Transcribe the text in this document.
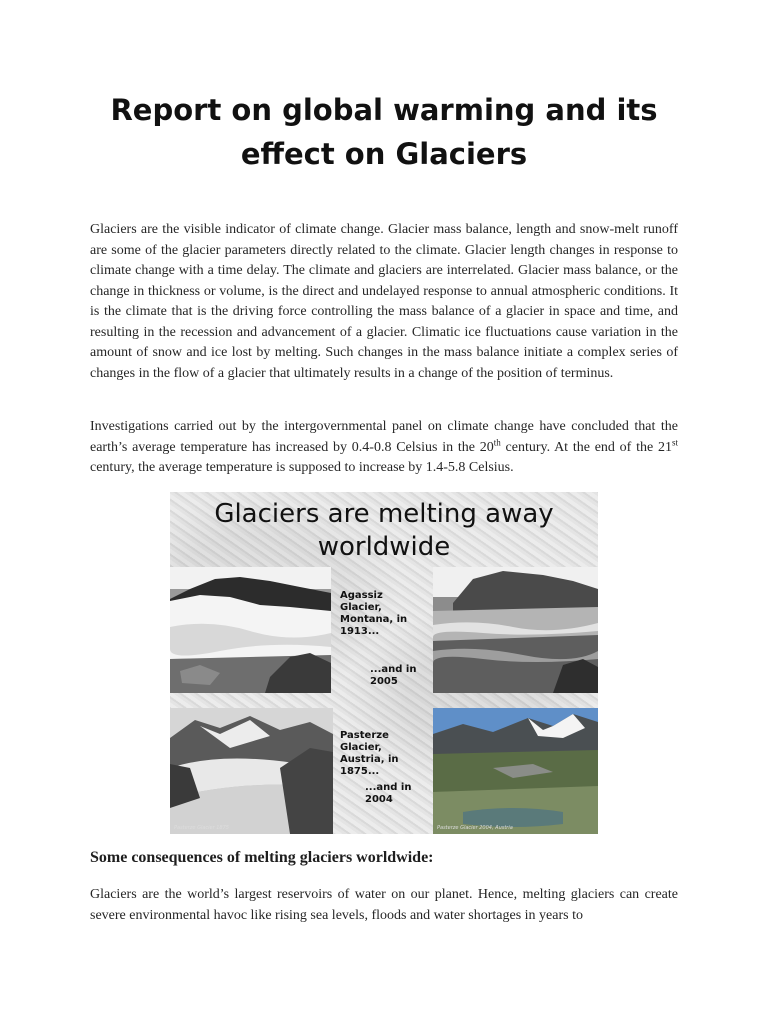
Report on global warming and its effect on Glaciers

Glaciers are the visible indicator of climate change. Glacier mass balance, length and snow-melt runoff are some of the glacier parameters directly related to the climate. Glacier length changes in response to climate change with a time delay. The climate and glaciers are interrelated. Glacier mass balance, or the change in thickness or volume, is the direct and undelayed response to annual atmospheric conditions. It is the climate that is the driving force controlling the mass balance of a glacier in space and time, and resulting in the recession and advancement of a glacier. Climatic ice fluctuations cause variation in the amount of snow and ice lost by melting. Such changes in the mass balance initiate a complex series of changes in the flow of a glacier that ultimately results in a change of the position of terminus.

Investigations carried out by the intergovernmental panel on climate change have concluded that the earth’s average temperature has increased by 0.4-0.8 Celsius in the 20th century. At the end of the 21st century, the average temperature is supposed to increase by 1.4-5.8 Celsius.

Glaciers are melting away worldwide

Agassiz Glacier, Montana, in 1913...

...and in 2005

Pasterze Glacier 1875

Pasterze Glacier, Austria, in 1875...

...and in 2004

Pasterze Glacier 2004, Austria

Some consequences of melting glaciers worldwide:

Glaciers are the world’s largest reservoirs of water on our planet. Hence, melting glaciers can create severe environmental havoc like rising sea levels, floods and water shortages in years to
